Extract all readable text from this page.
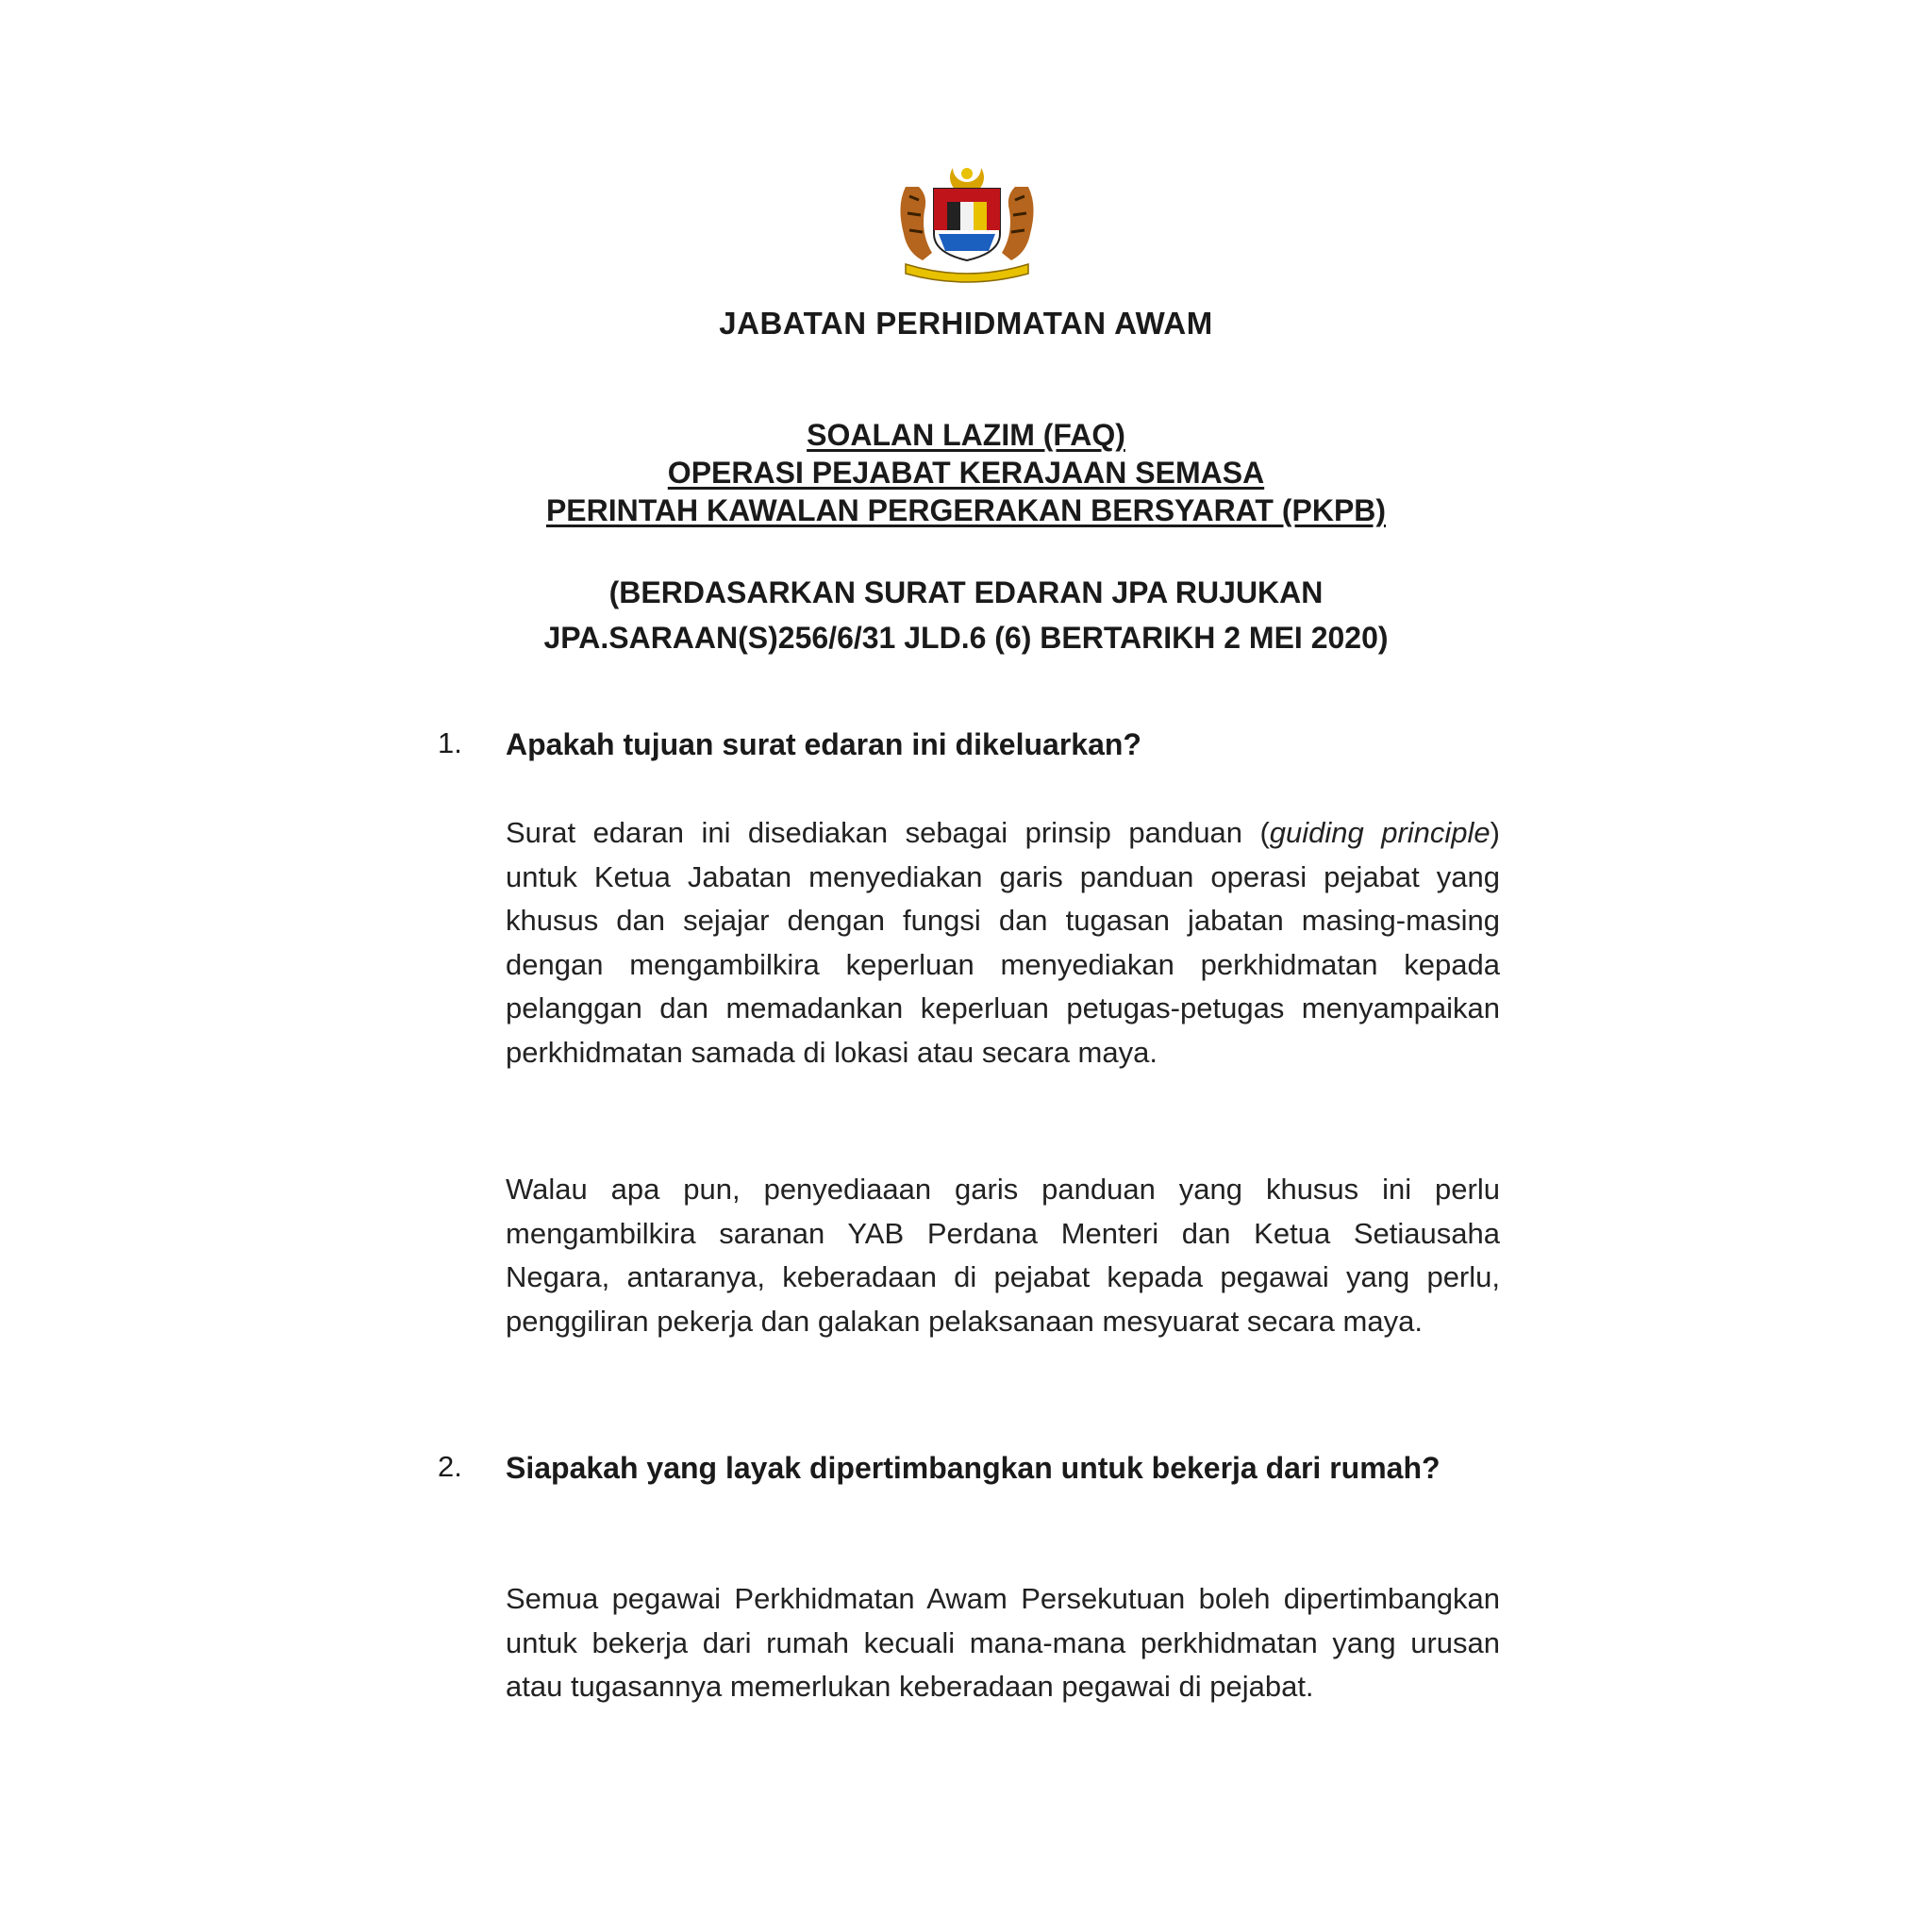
JABATAN PERHIDMATAN AWAM
SOALAN LAZIM (FAQ)
OPERASI PEJABAT KERAJAAN SEMASA
PERINTAH KAWALAN PERGERAKAN BERSYARAT (PKPB)
(BERDASARKAN SURAT EDARAN JPA RUJUKAN
JPA.SARAAN(S)256/6/31 JLD.6 (6) BERTARIKH 2 MEI 2020)
1. Apakah tujuan surat edaran ini dikeluarkan?
Surat edaran ini disediakan sebagai prinsip panduan (guiding principle) untuk Ketua Jabatan menyediakan garis panduan operasi pejabat yang khusus dan sejajar dengan fungsi dan tugasan jabatan masing-masing dengan mengambilkira keperluan menyediakan perkhidmatan kepada pelanggan dan memadankan keperluan petugas-petugas menyampaikan perkhidmatan samada di lokasi atau secara maya.
Walau apa pun, penyediaaan garis panduan yang khusus ini perlu mengambilkira saranan YAB Perdana Menteri dan Ketua Setiausaha Negara, antaranya, keberadaan di pejabat kepada pegawai yang perlu, penggiliran pekerja dan galakan pelaksanaan mesyuarat secara maya.
2. Siapakah yang layak dipertimbangkan untuk bekerja dari rumah?
Semua pegawai Perkhidmatan Awam Persekutuan boleh dipertimbangkan untuk bekerja dari rumah kecuali mana-mana perkhidmatan yang urusan atau tugasannya memerlukan keberadaan pegawai di pejabat.
